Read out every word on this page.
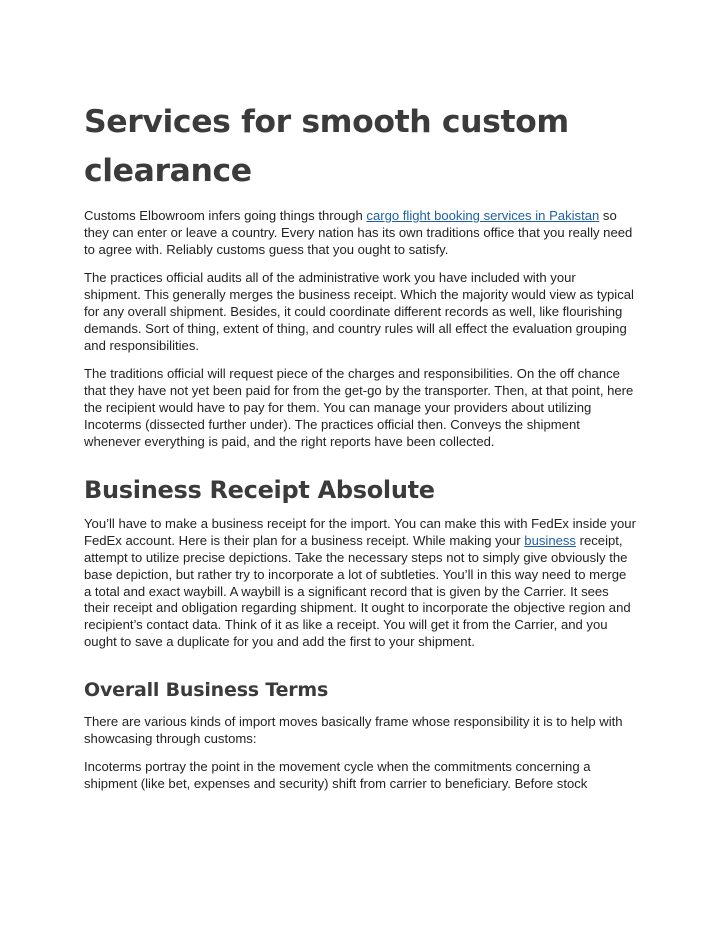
Services for smooth custom clearance

Customs Elbowroom infers going things through cargo flight booking services in Pakistan so they can enter or leave a country. Every nation has its own traditions office that you really need to agree with. Reliably customs guess that you ought to satisfy.

The practices official audits all of the administrative work you have included with your shipment. This generally merges the business receipt. Which the majority would view as typical for any overall shipment. Besides, it could coordinate different records as well, like flourishing demands. Sort of thing, extent of thing, and country rules will all effect the evaluation grouping and responsibilities.

The traditions official will request piece of the charges and responsibilities. On the off chance that they have not yet been paid for from the get-go by the transporter. Then, at that point, here the recipient would have to pay for them. You can manage your providers about utilizing Incoterms (dissected further under). The practices official then. Conveys the shipment whenever everything is paid, and the right reports have been collected.

Business Receipt Absolute

You’ll have to make a business receipt for the import. You can make this with FedEx inside your FedEx account. Here is their plan for a business receipt. While making your business receipt, attempt to utilize precise depictions. Take the necessary steps not to simply give obviously the base depiction, but rather try to incorporate a lot of subtleties. You’ll in this way need to merge a total and exact waybill. A waybill is a significant record that is given by the Carrier. It sees their receipt and obligation regarding shipment. It ought to incorporate the objective region and recipient’s contact data. Think of it as like a receipt. You will get it from the Carrier, and you ought to save a duplicate for you and add the first to your shipment.

Overall Business Terms

There are various kinds of import moves basically frame whose responsibility it is to help with showcasing through customs:

Incoterms portray the point in the movement cycle when the commitments concerning a shipment (like bet, expenses and security) shift from carrier to beneficiary. Before stock
